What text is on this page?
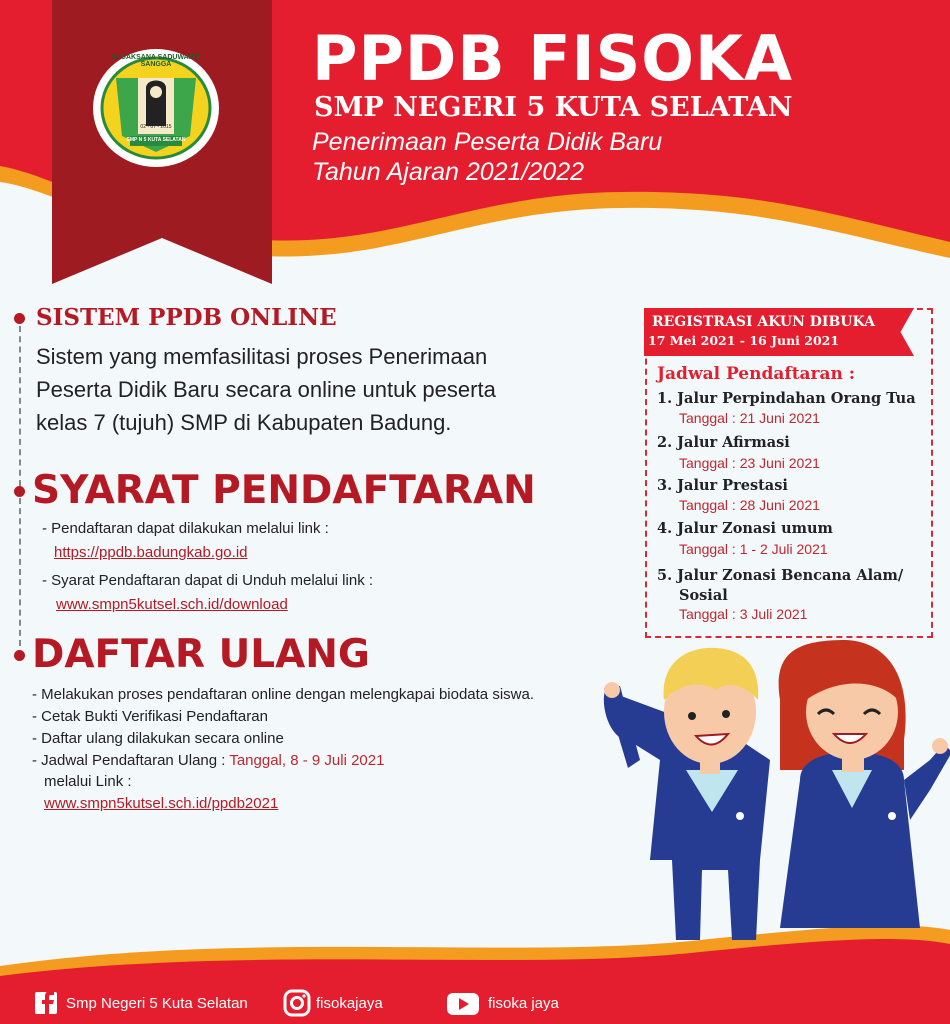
WIGAKSANA SADUWARTI SANGGA
02 - 07 - 2015
SMP N 5 KUTA SELATAN
PPDB FISOKA
SMP NEGERI 5 KUTA SELATAN
Penerimaan Peserta Didik Baru
Tahun Ajaran 2021/2022
SISTEM PPDB ONLINE
Sistem yang memfasilitasi proses Penerimaan
Peserta Didik Baru secara online untuk peserta
kelas 7 (tujuh) SMP di Kabupaten Badung.
SYARAT PENDAFTARAN
- Pendaftaran dapat dilakukan melalui link :
https://ppdb.badungkab.go.id
- Syarat Pendaftaran dapat di Unduh melalui link :
www.smpn5kutsel.sch.id/download
DAFTAR ULANG
- Melakukan proses pendaftaran online dengan melengkapai biodata siswa.
- Cetak Bukti Verifikasi Pendaftaran
- Daftar ulang dilakukan secara online
- Jadwal Pendaftaran Ulang : Tanggal, 8 - 9 Juli 2021
melalui Link :
www.smpn5kutsel.sch.id/ppdb2021
REGISTRASI AKUN DIBUKA
17 Mei 2021 - 16 Juni 2021
Jadwal Pendaftaran :
1. Jalur Perpindahan Orang Tua
Tanggal : 21 Juni 2021
2. Jalur Afirmasi
Tanggal : 23 Juni 2021
3. Jalur Prestasi
Tanggal : 28 Juni 2021
4. Jalur Zonasi umum
Tanggal : 1 - 2 Juli 2021
5. Jalur Zonasi Bencana Alam/
Sosial
Tanggal : 3 Juli 2021
Smp Negeri 5 Kuta Selatan	fisokajaya	fisoka jaya
